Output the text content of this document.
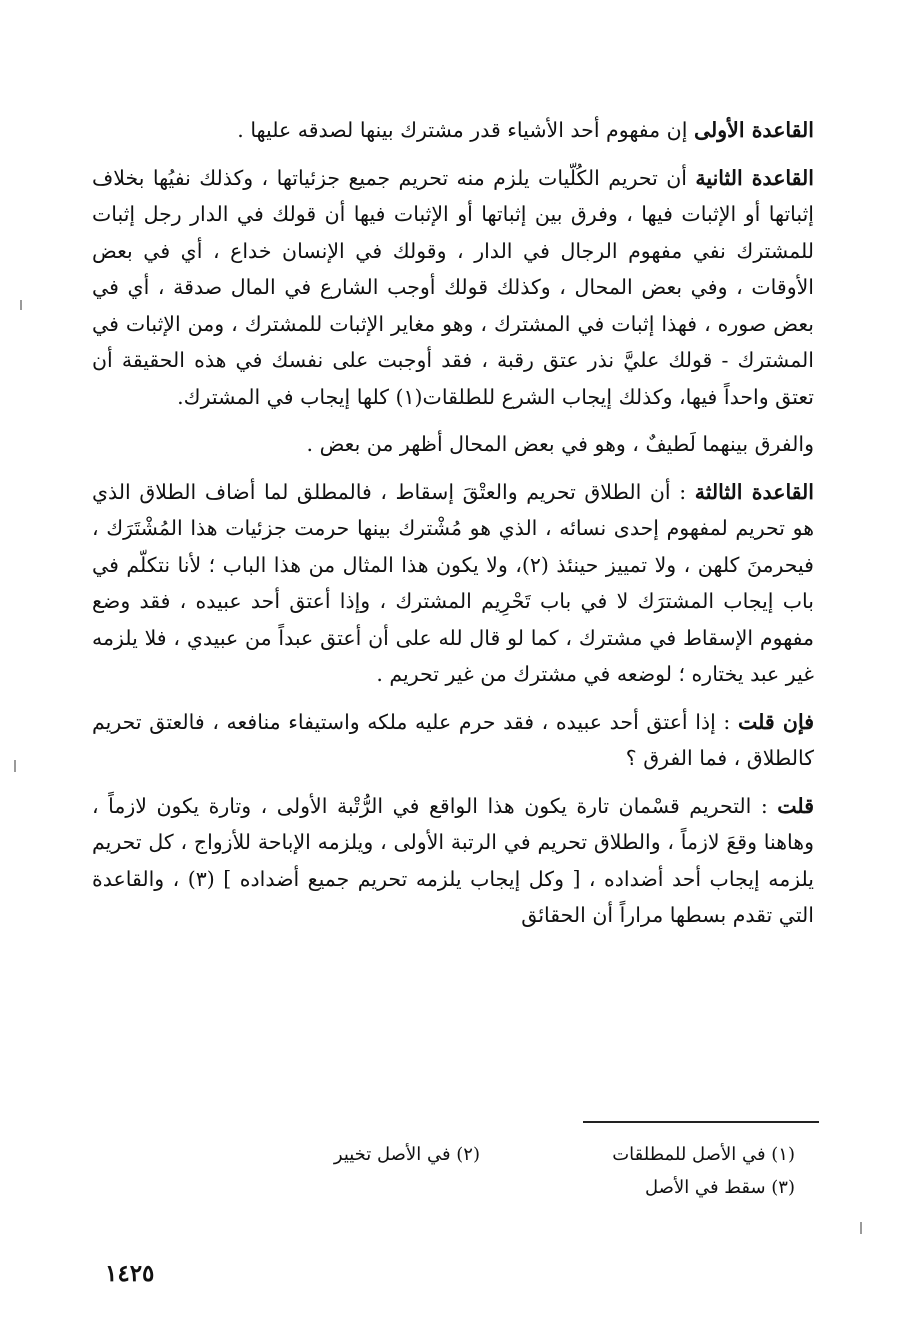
القاعدة الأولى إن مفهوم أحد الأشياء قدر مشترك بينها لصدقه عليها .

القاعدة الثانية أن تحريم الكُلّيات يلزم منه تحريم جميع جزئياتها ، وكذلك نفيُها بخلاف إثباتها أو الإثبات فيها ، وفرق بين إثباتها أو الإثبات فيها أن قولك في الدار رجل إثبات للمشترك نفي مفهوم الرجال في الدار ، وقولك في الإنسان خداع ، أي في بعض الأوقات ، وفي بعض المحال ، وكذلك قولك أوجب الشارع في المال صدقة ، أي في بعض صوره ، فهذا إثبات في المشترك ، وهو مغاير الإثبات للمشترك ، ومن الإثبات في المشترك - قولك عليَّ نذر عتق رقبة ، فقد أوجبت على نفسك في هذه الحقيقة أن تعتق واحداً فيها، وكذلك إيجاب الشرع للطلقات(١) كلها إيجاب في المشترك.

والفرق بينهما لَطيفٌ ، وهو في بعض المحال أظهر من بعض .

القاعدة الثالثة : أن الطلاق تحريم والعتْقَ إسقاط ، فالمطلق لما أضاف الطلاق الذي هو تحريم لمفهوم إحدى نسائه ، الذي هو مُشْترك بينها حرمت جزئيات هذا المُشْتَرَك ، فيحرمنَ كلهن ، ولا تمييز حينئذ (٢)، ولا يكون هذا المثال من هذا الباب ؛ لأنا نتكلّم في باب إيجاب المشترَك لا في باب تَحْرِيم المشترك ، وإذا أعتق أحد عبيده ، فقد وضع مفهوم الإسقاط في مشترك ، كما لو قال لله على أن أعتق عبداً من عبيدي ، فلا يلزمه غير عبد يختاره ؛ لوضعه في مشترك من غير تحريم .

فإن قلت : إذا أعتق أحد عبيده ، فقد حرم عليه ملكه واستيفاء منافعه ، فالعتق تحريم كالطلاق ، فما الفرق ؟

قلت : التحريم قسْمان تارة يكون هذا الواقع في الرُّتْبة الأولى ، وتارة يكون لازماً ، وهاهنا وقعَ لازماً ، والطلاق تحريم في الرتبة الأولى ، ويلزمه الإباحة للأزواج ، كل تحريم يلزمه إيجاب أحد أضداده ، [ وكل إيجاب يلزمه تحريم جميع أضداده ] (٣) ، والقاعدة التي تقدم بسطها مراراً أن الحقائق

(١) في الأصل للمطلقات
(٢) في الأصل تخيير
(٣) سقط في الأصل
١٤٢٥
